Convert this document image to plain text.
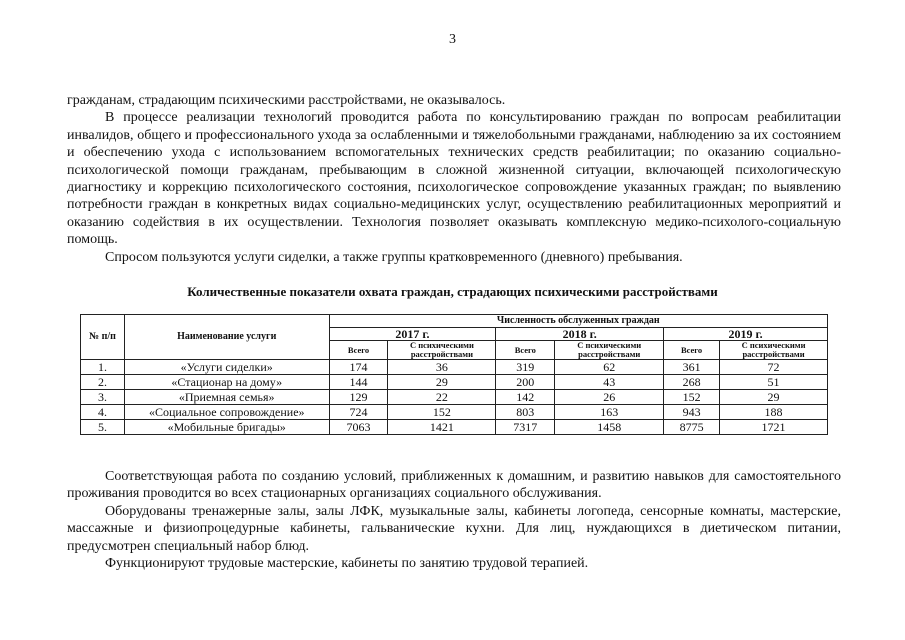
3

гражданам, страдающим психическими расстройствами, не оказывалось.

В процессе реализации технологий проводится работа по консультированию граждан по вопросам реабилитации инвалидов, общего и профессионального ухода за ослабленными и тяжелобольными гражданами, наблюдению за их состоянием и обеспечению ухода с использованием вспомогательных технических средств реабилитации; по оказанию социально-психологической помощи гражданам, пребывающим в сложной жизненной ситуации, включающей психологическую диагностику и коррекцию психологического состояния, психологическое сопровождение указанных граждан; по выявлению потребности граждан в конкретных видах социально-медицинских услуг, осуществлению реабилитационных мероприятий и оказанию содействия в их осуществлении. Технология позволяет оказывать комплексную медико-психолого-социальную помощь.

Спросом пользуются услуги сиделки, а также группы кратковременного (дневного) пребывания.

Количественные показатели охвата граждан, страдающих психическими расстройствами
№ п/п	Наименование услуги	Численность обслуженных граждан					
		2017 г.		2018 г.		2019 г.	
		Всего	С психическими расстройствами	Всего	С психическими расстройствами	Всего	С психическими расстройствами
1.	«Услуги сиделки»	174	36	319	62	361	72
2.	«Стационар на дому»	144	29	200	43	268	51
3.	«Приемная семья»	129	22	142	26	152	29
4.	«Социальное сопровождение»	724	152	803	163	943	188
5.	«Мобильные бригады»	7063	1421	7317	1458	8775	1721

Соответствующая работа по созданию условий, приближенных к домашним, и развитию навыков для самостоятельного проживания проводится во всех стационарных организациях социального обслуживания.

Оборудованы тренажерные залы, залы ЛФК, музыкальные залы, кабинеты логопеда, сенсорные комнаты, мастерские, массажные и физиопроцедурные кабинеты, гальванические кухни. Для лиц, нуждающихся в диетическом питании, предусмотрен специальный набор блюд.

Функционируют трудовые мастерские, кабинеты по занятию трудовой терапией.
